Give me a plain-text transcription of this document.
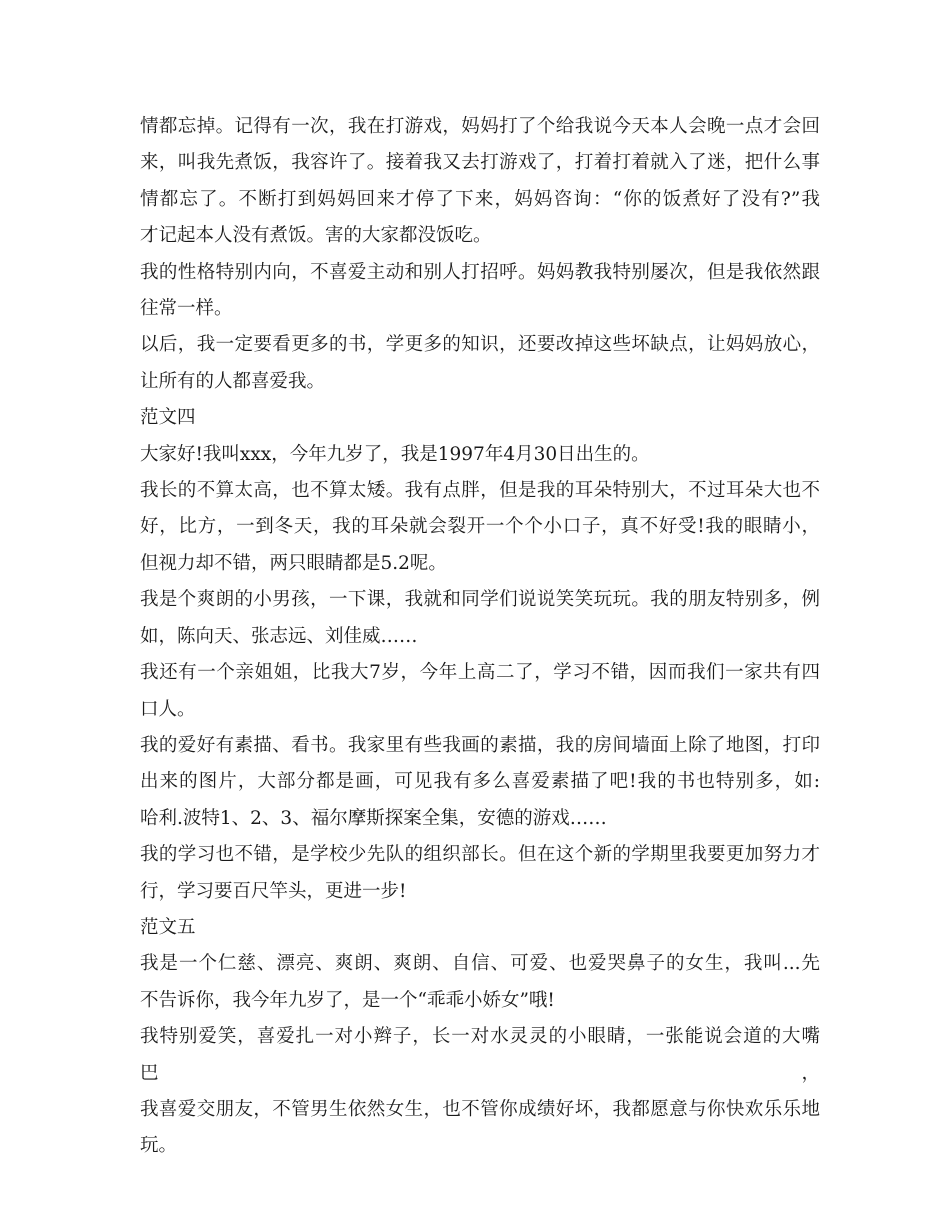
情都忘掉。记得有一次，我在打游戏，妈妈打了个给我说今天本人会晚一点才会回
来，叫我先煮饭，我容许了。接着我又去打游戏了，打着打着就入了迷，把什么事
情都忘了。不断打到妈妈回来才停了下来，妈妈咨询：“你的饭煮好了没有?”我
才记起本人没有煮饭。害的大家都没饭吃。
我的性格特别内向，不喜爱主动和别人打招呼。妈妈教我特别屡次，但是我依然跟
往常一样。
以后，我一定要看更多的书，学更多的知识，还要改掉这些坏缺点，让妈妈放心，
让所有的人都喜爱我。
范文四
大家好!我叫xxx，今年九岁了，我是1997年4月30日出生的。
我长的不算太高，也不算太矮。我有点胖，但是我的耳朵特别大，不过耳朵大也不
好，比方，一到冬天，我的耳朵就会裂开一个个小口子，真不好受!我的眼睛小，
但视力却不错，两只眼睛都是5.2呢。
我是个爽朗的小男孩，一下课，我就和同学们说说笑笑玩玩。我的朋友特别多，例
如，陈向天、张志远、刘佳威……
我还有一个亲姐姐，比我大7岁，今年上高二了，学习不错，因而我们一家共有四
口人。
我的爱好有素描、看书。我家里有些我画的素描，我的房间墙面上除了地图，打印
出来的图片，大部分都是画，可见我有多么喜爱素描了吧!我的书也特别多，如:
哈利.波特1、2、3、福尔摩斯探案全集，安德的游戏……
我的学习也不错，是学校少先队的组织部长。但在这个新的学期里我要更加努力才
行，学习要百尺竿头，更进一步!
范文五
我是一个仁慈、漂亮、爽朗、爽朗、自信、可爱、也爱哭鼻子的女生，我叫...先
不告诉你，我今年九岁了，是一个“乖乖小娇女”哦!
我特别爱笑，喜爱扎一对小辫子，长一对水灵灵的小眼睛，一张能说会道的大嘴巴，
我喜爱交朋友，不管男生依然女生，也不管你成绩好坏，我都愿意与你快欢乐乐地
玩。
